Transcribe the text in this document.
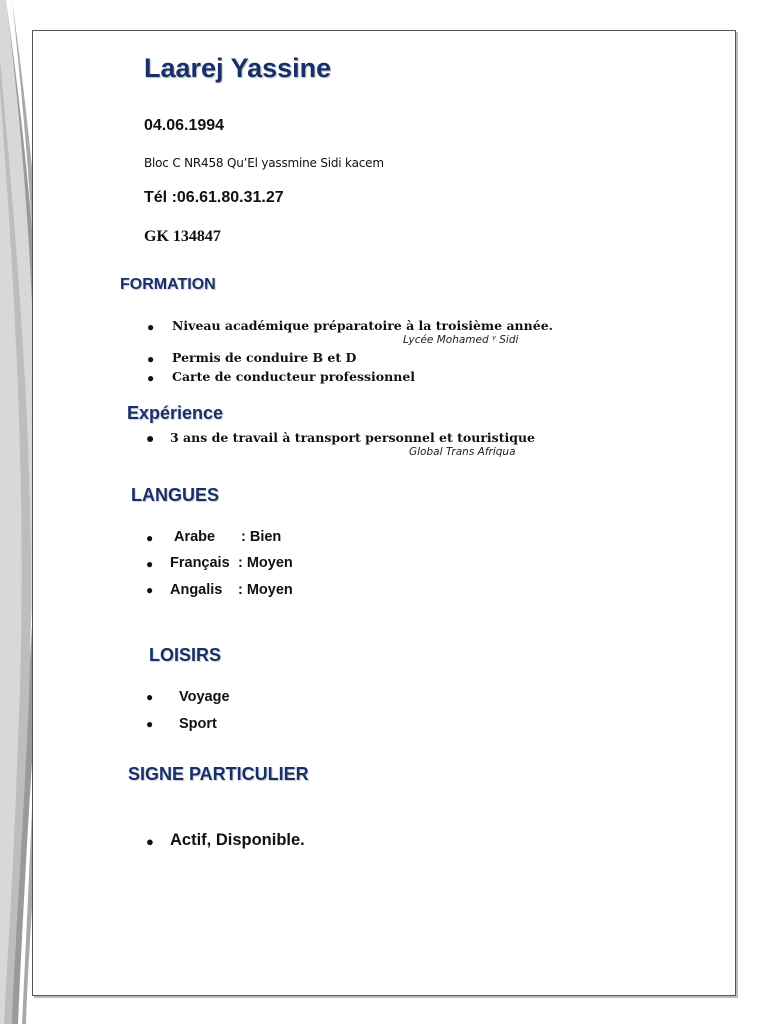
Laarej Yassine
04.06.1994
Bloc C NR458 Qu’El yassmine Sidi kacem
Tél :06.61.80.31.27
GK 134847
FORMATION
● Niveau académique préparatoire à la troisième année.
Lycée Mohamed ᵞ Sidi
● Permis de conduire B et D
● Carte de conducteur professionnel
Expérience
● 3 ans de travail à transport personnel et touristique
Global Trans Afriqua
LANGUES
● Arabe : Bien
● Français : Moyen
● Angalis : Moyen
LOISIRS
● Voyage
● Sport
SIGNE PARTICULIER
● Actif, Disponible.
